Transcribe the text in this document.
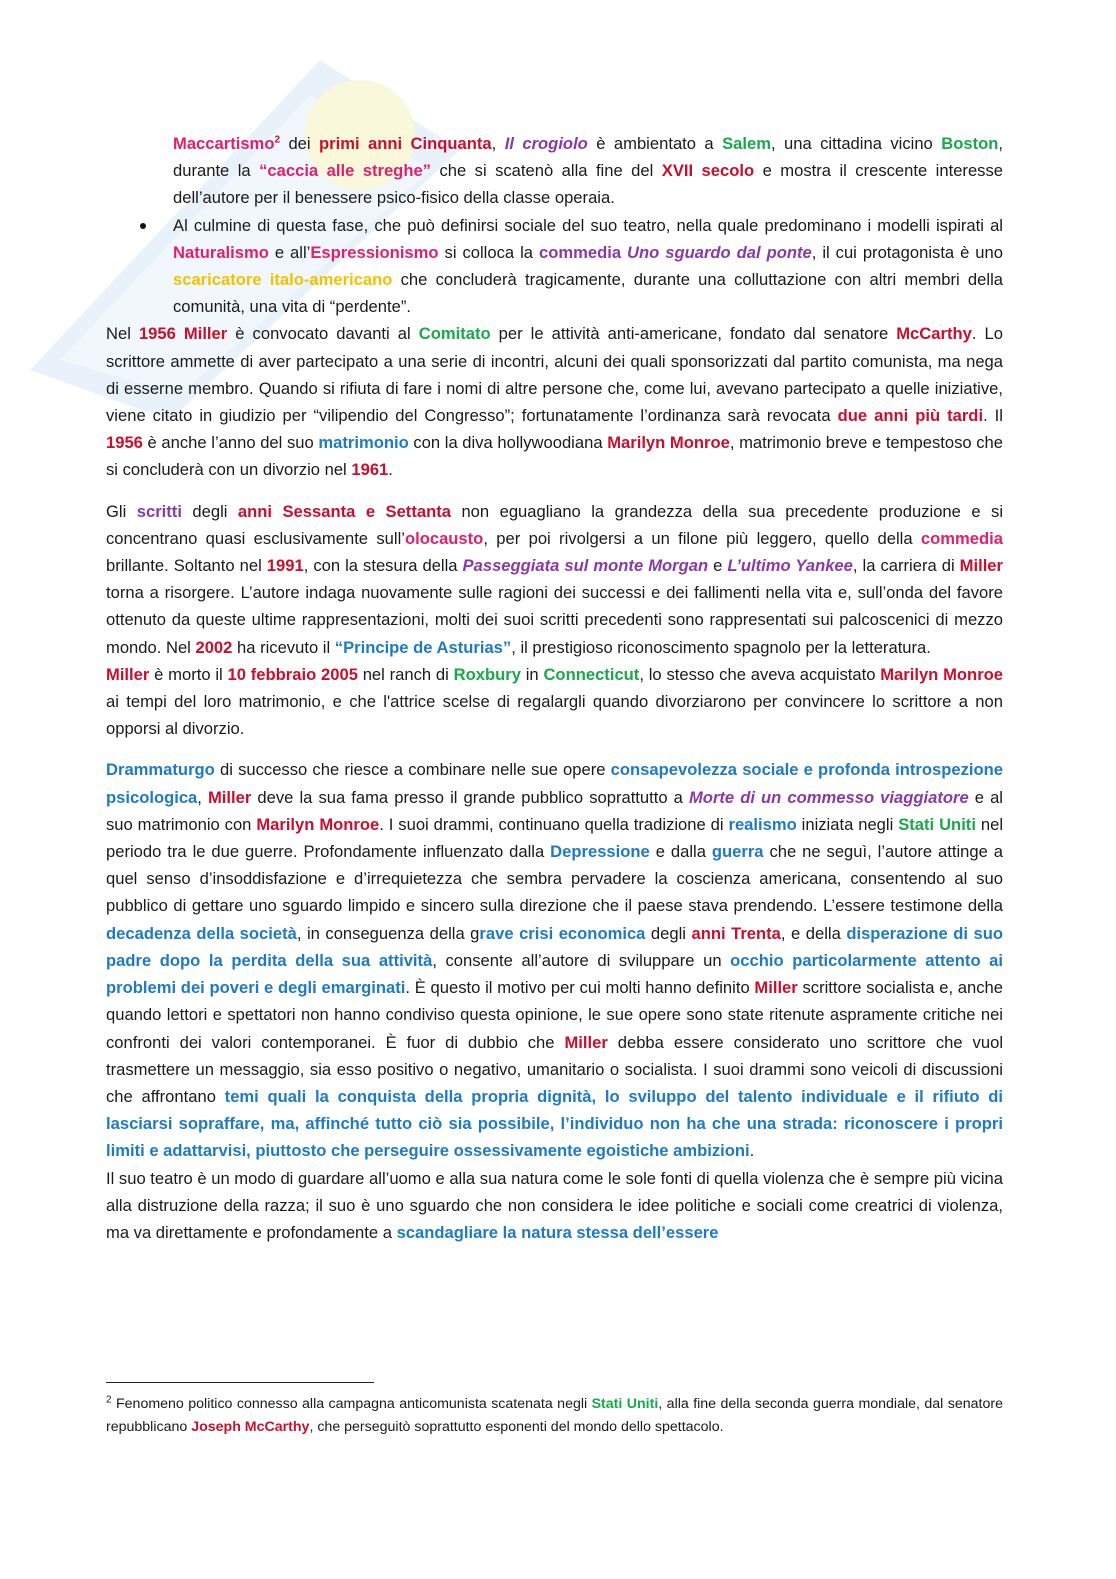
Maccartismo$^2$ dei primi anni Cinquanta, Il crogiolo è ambientato a Salem, una cittadina vicino Boston, durante la “caccia alle streghe” che si scatenò alla fine del XVII secolo e mostra il crescente interesse dell’autore per il benessere psico-fisico della classe operaia.

Al culmine di questa fase, che può definirsi sociale del suo teatro, nella quale predominano i modelli ispirati al Naturalismo e all’Espressionismo si colloca la commedia Uno sguardo dal ponte, il cui protagonista è uno scaricatore italo-americano che concluderà tragicamente, durante una colluttazione con altri membri della comunità, una vita di “perdente”.

Nel 1956 Miller è convocato davanti al Comitato per le attività anti-americane, fondato dal senatore McCarthy. Lo scrittore ammette di aver partecipato a una serie di incontri, alcuni dei quali sponsorizzati dal partito comunista, ma nega di esserne membro. Quando si rifiuta di fare i nomi di altre persone che, come lui, avevano partecipato a quelle iniziative, viene citato in giudizio per “vilipendio del Congresso”; fortunatamente l’ordinanza sarà revocata due anni più tardi. Il 1956 è anche l’anno del suo matrimonio con la diva hollywoodiana Marilyn Monroe, matrimonio breve e tempestoso che si concluderà con un divorzio nel 1961.

Gli scritti degli anni Sessanta e Settanta non eguagliano la grandezza della sua precedente produzione e si concentrano quasi esclusivamente sull’olocausto, per poi rivolgersi a un filone più leggero, quello della commedia brillante. Soltanto nel 1991, con la stesura della Passeggiata sul monte Morgan e L’ultimo Yankee, la carriera di Miller torna a risorgere. L’autore indaga nuovamente sulle ragioni dei successi e dei fallimenti nella vita e, sull’onda del favore ottenuto da queste ultime rappresentazioni, molti dei suoi scritti precedenti sono rappresentati sui palcoscenici di mezzo mondo. Nel 2002 ha ricevuto il “Principe de Asturias”, il prestigioso riconoscimento spagnolo per la letteratura.

Miller è morto il 10 febbraio 2005 nel ranch di Roxbury in Connecticut, lo stesso che aveva acquistato Marilyn Monroe ai tempi del loro matrimonio, e che l'attrice scelse di regalargli quando divorziarono per convincere lo scrittore a non opporsi al divorzio.

Drammaturgo di successo che riesce a combinare nelle sue opere consapevolezza sociale e profonda introspezione psicologica, Miller deve la sua fama presso il grande pubblico soprattutto a Morte di un commesso viaggiatore e al suo matrimonio con Marilyn Monroe. I suoi drammi, continuano quella tradizione di realismo iniziata negli Stati Uniti nel periodo tra le due guerre. Profondamente influenzato dalla Depressione e dalla guerra che ne seguì, l’autore attinge a quel senso d’insoddisfazione e d’irrequietezza che sembra pervadere la coscienza americana, consentendo al suo pubblico di gettare uno sguardo limpido e sincero sulla direzione che il paese stava prendendo. L’essere testimone della decadenza della società, in conseguenza della grave crisi economica degli anni Trenta, e della disperazione di suo padre dopo la perdita della sua attività, consente all’autore di sviluppare un occhio particolarmente attento ai problemi dei poveri e degli emarginati. È questo il motivo per cui molti hanno definito Miller scrittore socialista e, anche quando lettori e spettatori non hanno condiviso questa opinione, le sue opere sono state ritenute aspramente critiche nei confronti dei valori contemporanei. È fuor di dubbio che Miller debba essere considerato uno scrittore che vuol trasmettere un messaggio, sia esso positivo o negativo, umanitario o socialista. I suoi drammi sono veicoli di discussioni che affrontano temi quali la conquista della propria dignità, lo sviluppo del talento individuale e il rifiuto di lasciarsi sopraffare, ma, affinché tutto ciò sia possibile, l’individuo non ha che una strada: riconoscere i propri limiti e adattarvisi, piuttosto che perseguire ossessivamente egoistiche ambizioni.

Il suo teatro è un modo di guardare all’uomo e alla sua natura come le sole fonti di quella violenza che è sempre più vicina alla distruzione della razza; il suo è uno sguardo che non considera le idee politiche e sociali come creatrici di violenza, ma va direttamente e profondamente a scandagliare la natura stessa dell’essere

$^2$ Fenomeno politico connesso alla campagna anticomunista scatenata negli Stati Uniti, alla fine della seconda guerra mondiale, dal senatore repubblicano Joseph McCarthy, che perseguitò soprattutto esponenti del mondo dello spettacolo.
